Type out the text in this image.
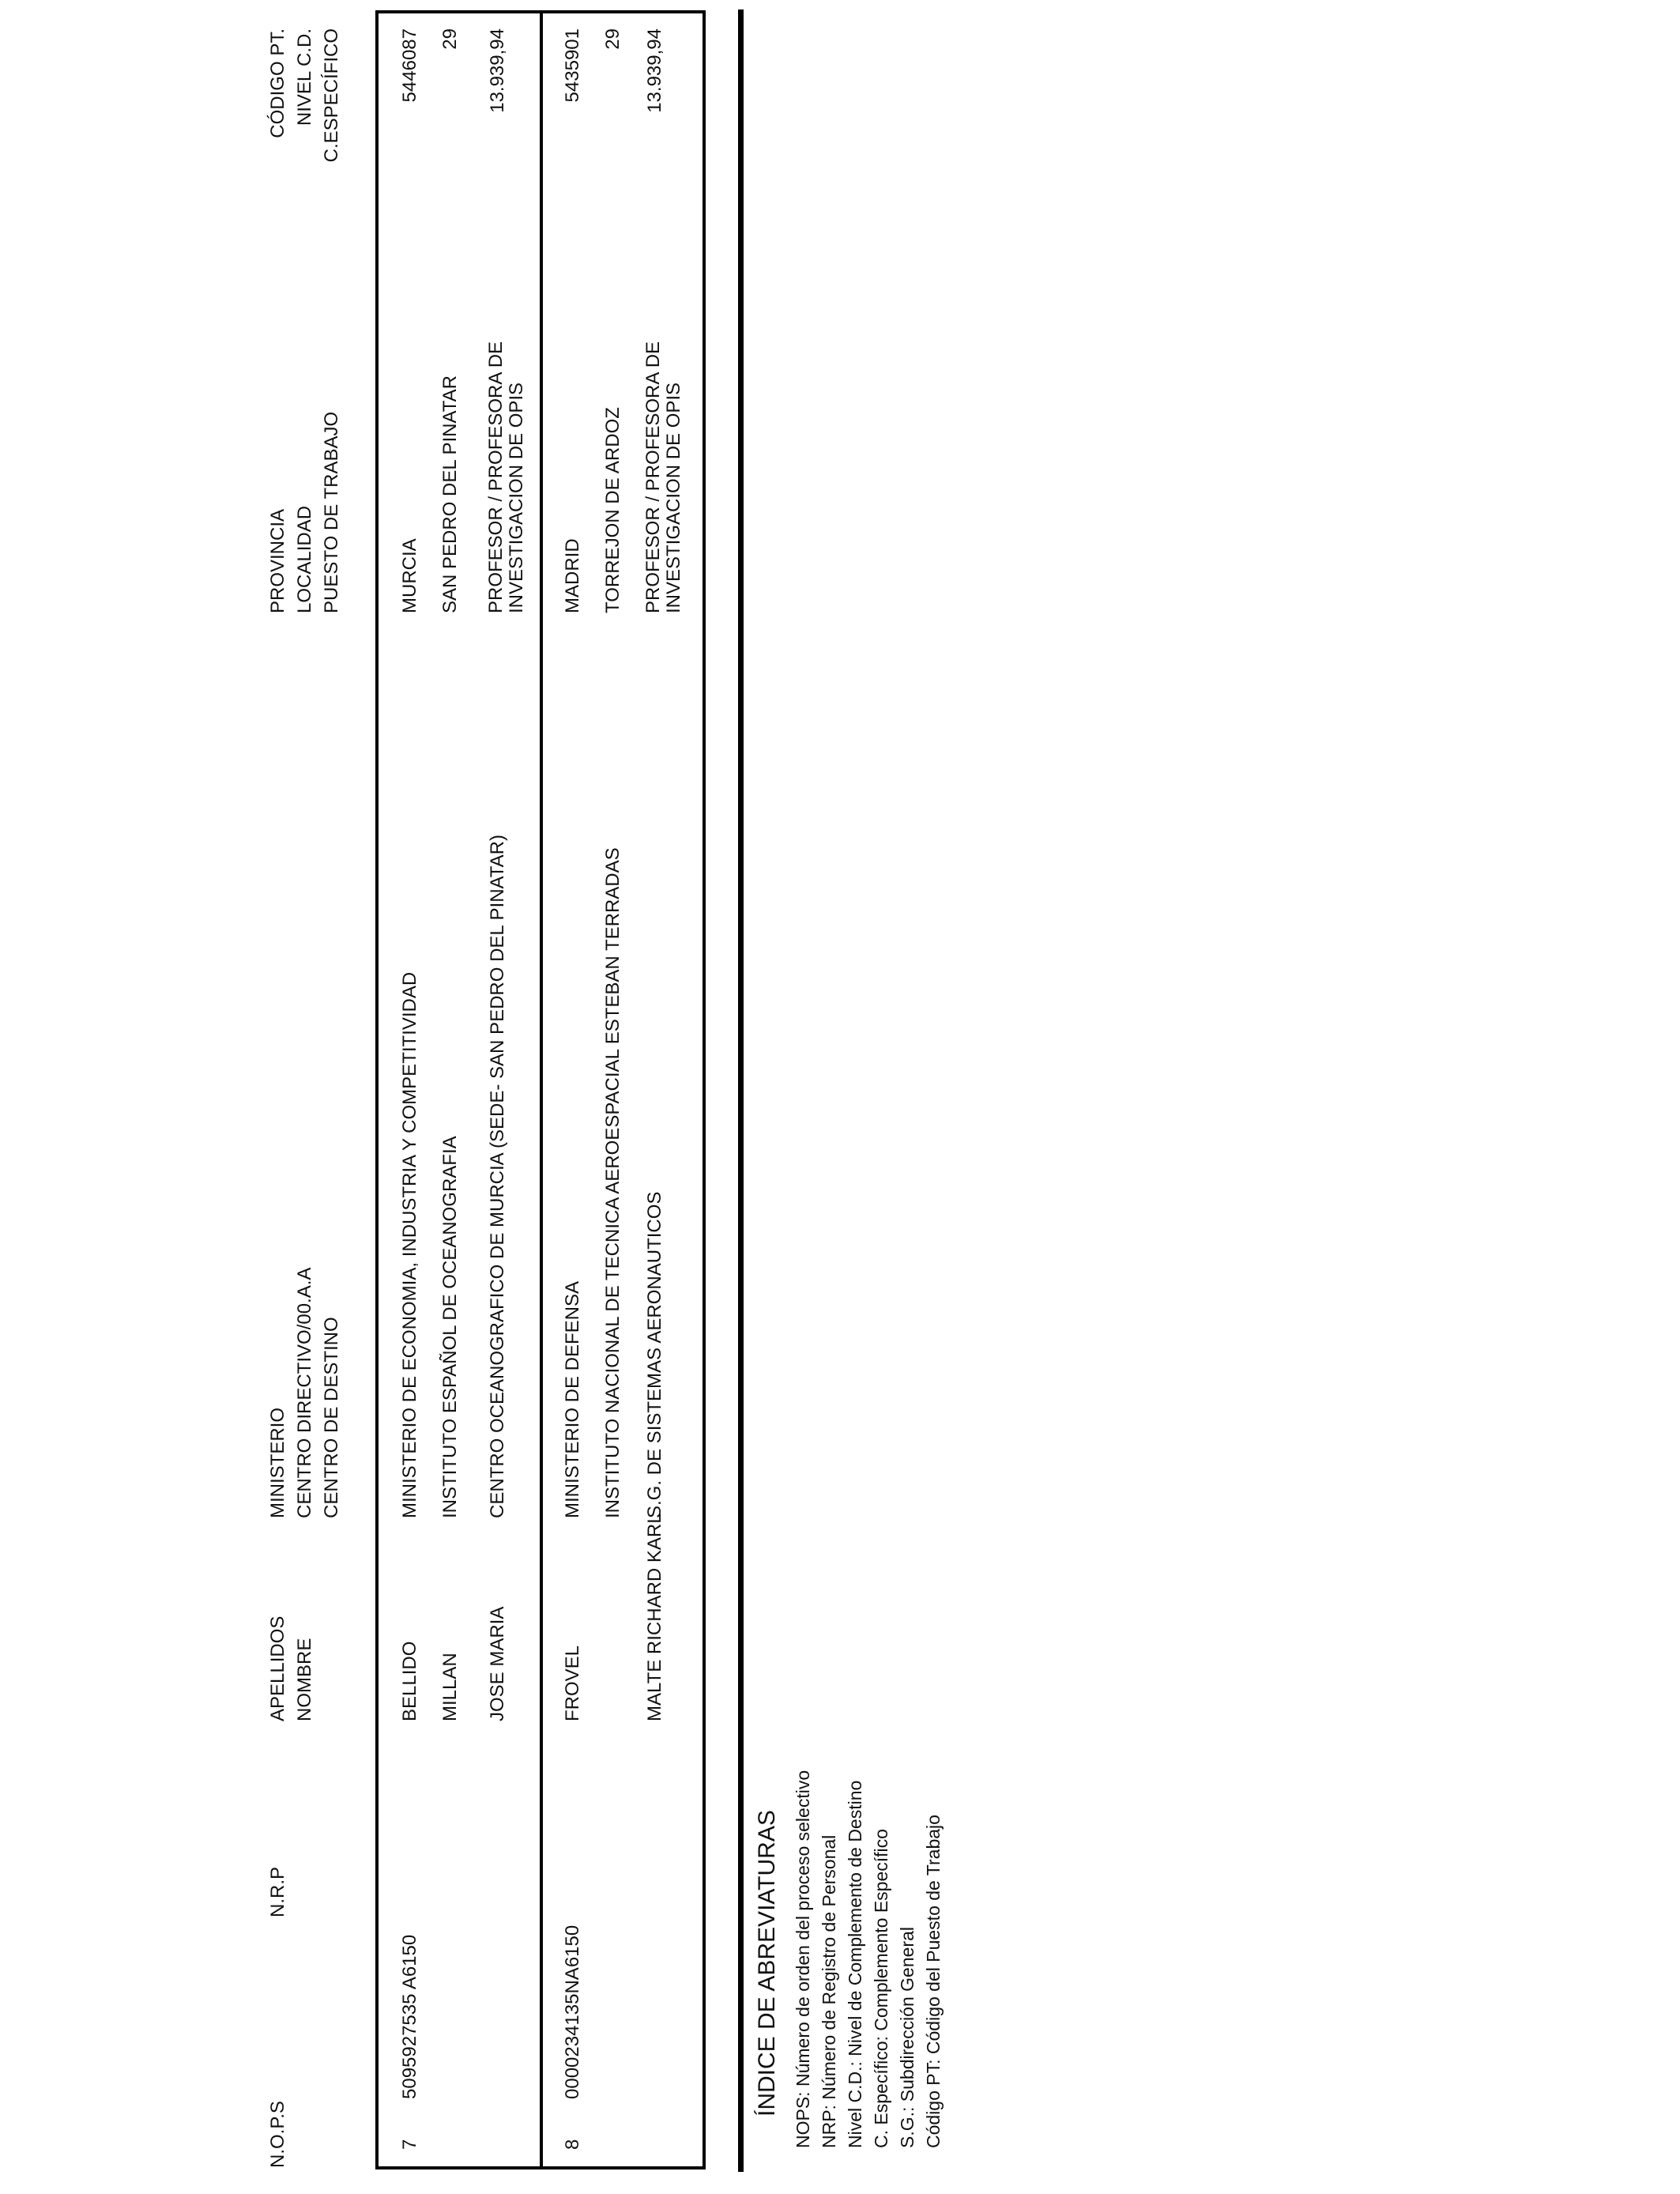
N.O.P.S
N.R.P
APELLIDOS NOMBRE
MINISTERIO CENTRO DIRECTIVO/00.A.A CENTRO DE DESTINO
PROVINCIA LOCALIDAD PUESTO DE TRABAJO
CÓDIGO PT. NIVEL C.D. C.ESPECÍFICO
7
5095927535 A6150
BELLIDO MILLAN JOSE MARIA
MINISTERIO DE ECONOMIA, INDUSTRIA Y COMPETITIVIDAD INSTITUTO ESPAÑOL DE OCEANOGRAFIA CENTRO OCEANOGRAFICO DE MURCIA (SEDE- SAN PEDRO DEL PINATAR)
MURCIA SAN PEDRO DEL PINATAR PROFESOR / PROFESORA DE INVESTIGACION DE OPIS
5446087 29 13.939,94
8
0000234135NA6150
FROVEL	MALTE RICHARD KARL
MINISTERIO DE DEFENSA INSTITUTO NACIONAL DE TECNICA AEROESPACIAL ESTEBAN TERRADAS S.G. DE SISTEMAS AERONAUTICOS
MADRID TORREJON DE ARDOZ PROFESOR / PROFESORA DE INVESTIGACION DE OPIS
5435901 29 13.939,94
ÍNDICE DE ABREVIATURAS NOPS: Número de orden del proceso selectivo NRP: Número de Registro de Personal Nivel C.D.: Nivel de Complemento de Destino C. Específico: Complemento Específico S.G.: Subdirección General Código PT: Código del Puesto de Trabajo
